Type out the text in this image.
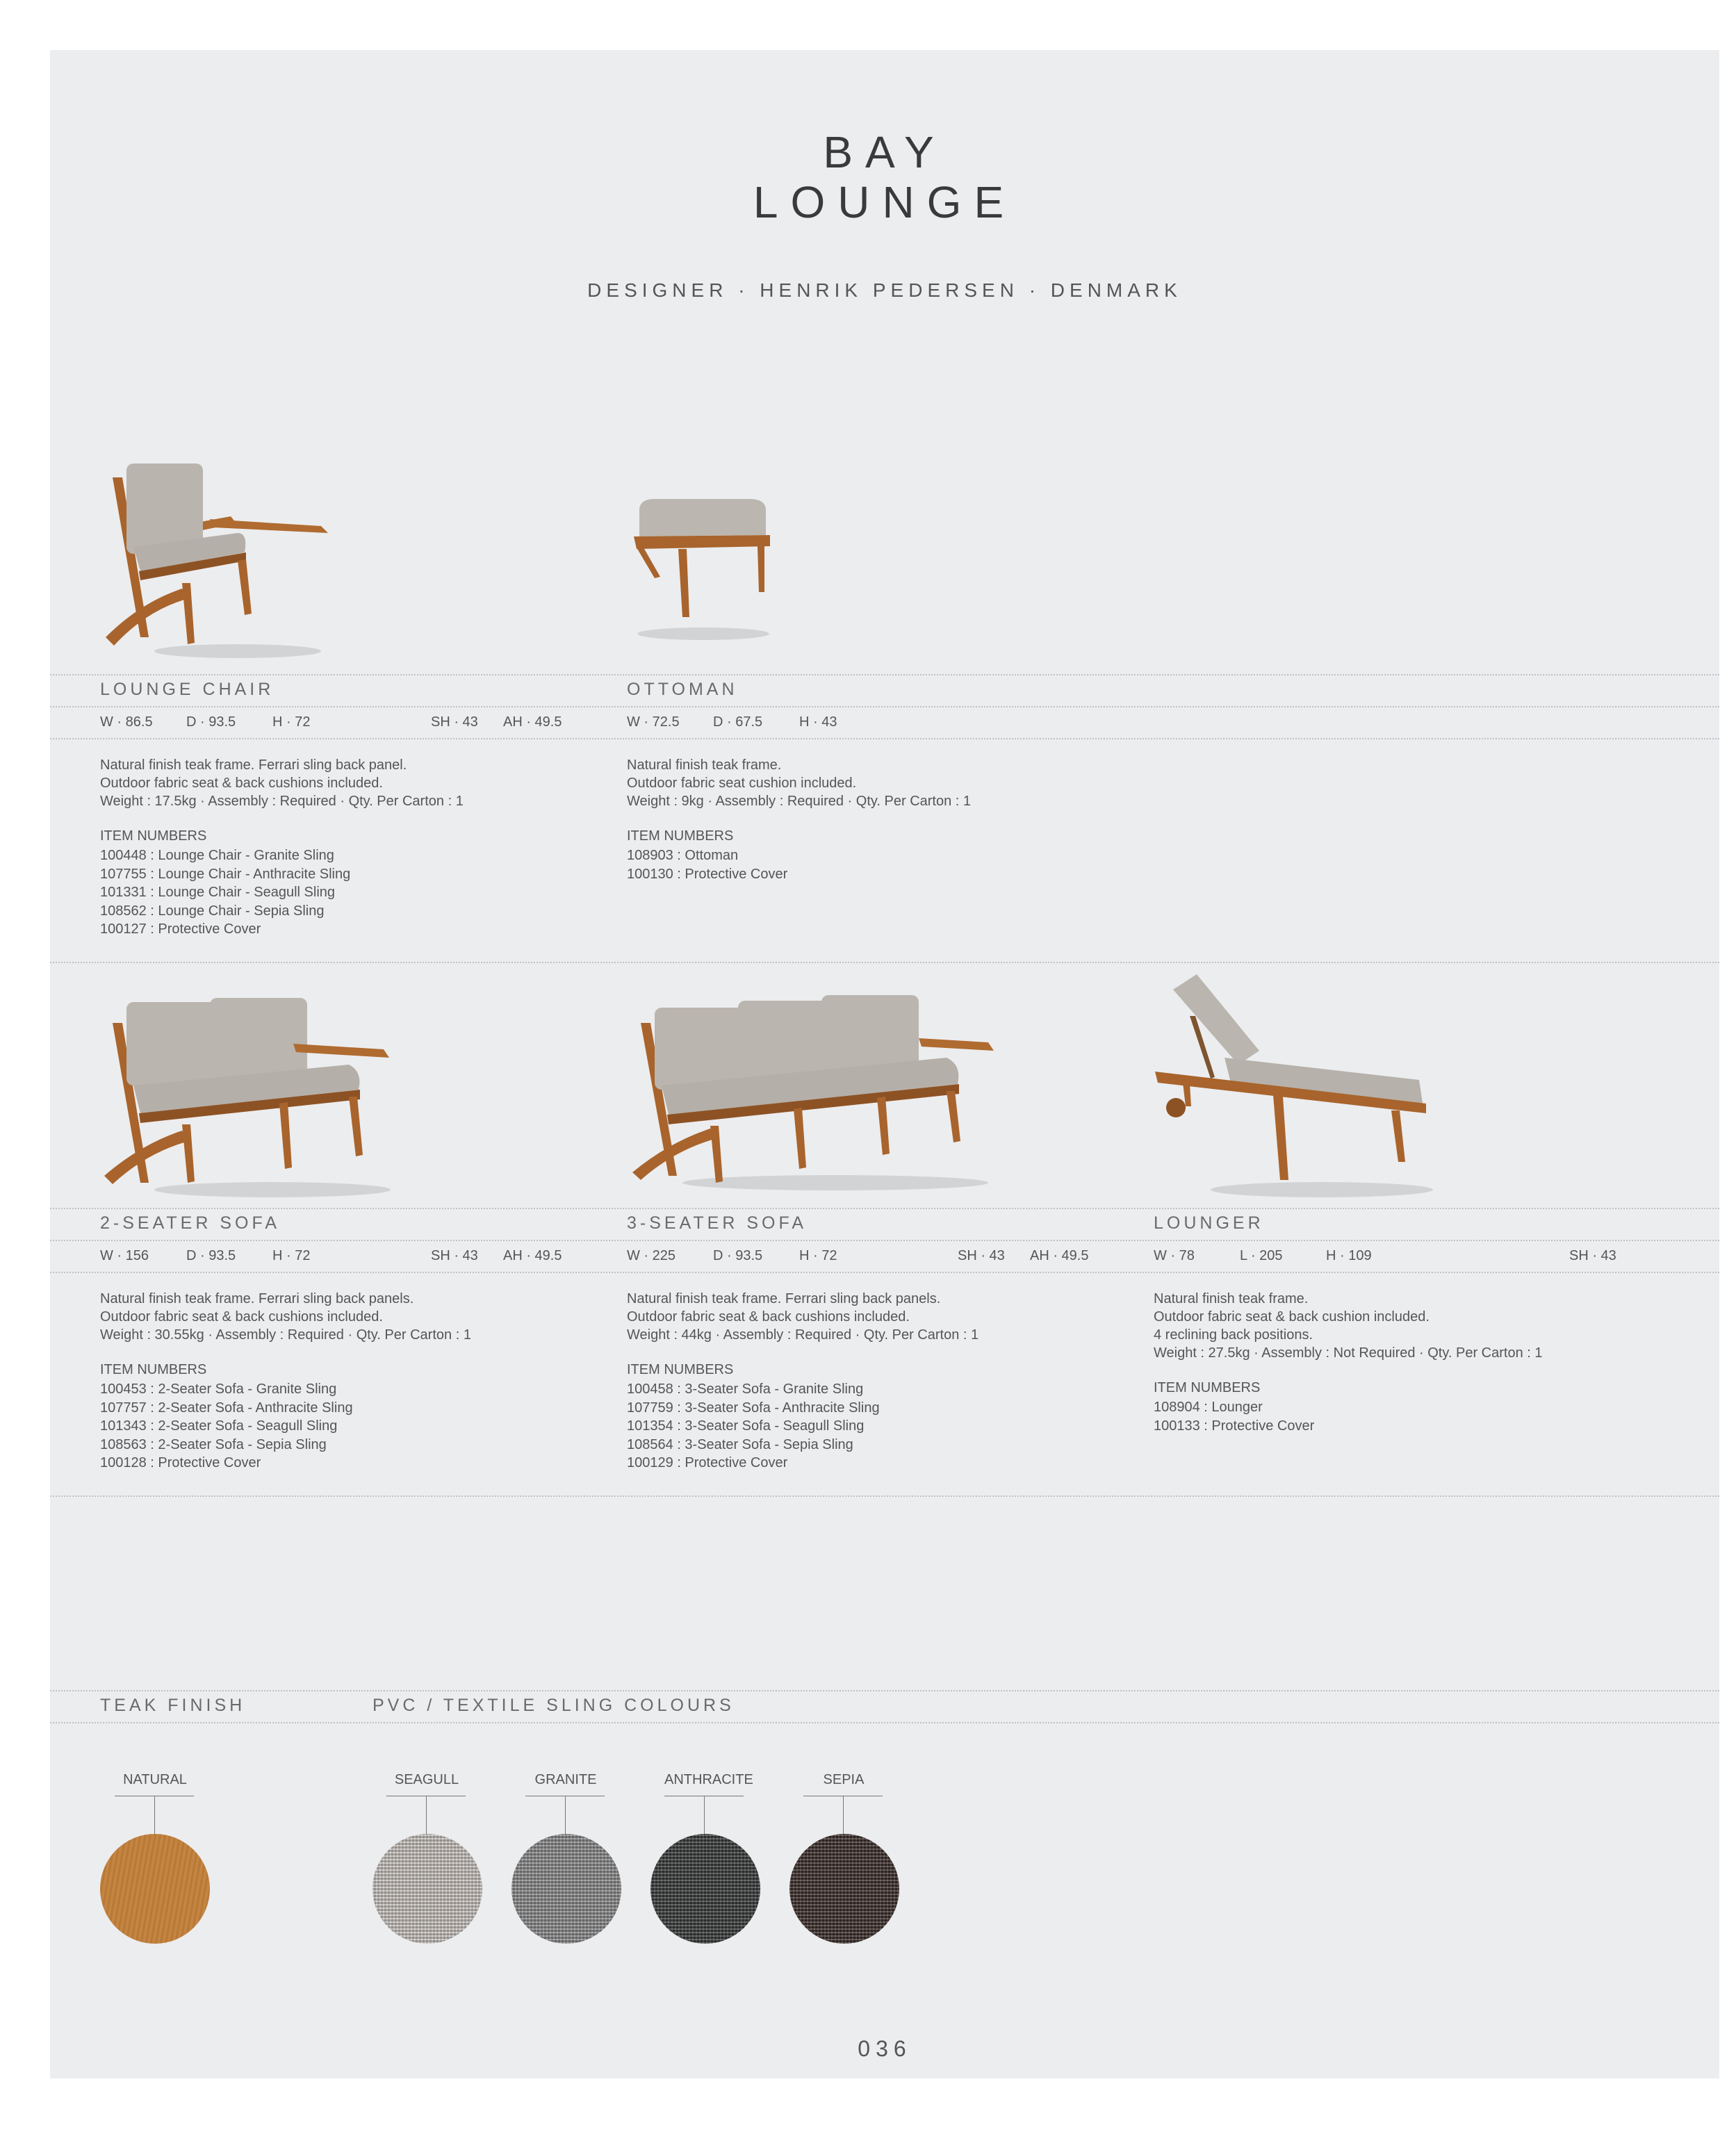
BAY
LOUNGE
DESIGNER · HENRIK PEDERSEN · DENMARK
LOUNGE CHAIR
W · 86.5 D · 93.5	H · 72	SH · 43 AH · 49.5
Natural finish teak frame. Ferrari sling back panel.
Outdoor fabric seat & back cushions included.
Weight : 17.5kg · Assembly : Required · Qty. Per Carton : 1
ITEM NUMBERS
100448 : Lounge Chair - Granite Sling
107755 : Lounge Chair - Anthracite Sling
101331 : Lounge Chair - Seagull Sling
108562 : Lounge Chair - Sepia Sling
100127 : Protective Cover
OTTOMAN
W · 72.5 D · 67.5	H · 43
Natural finish teak frame.
Outdoor fabric seat cushion included.
Weight : 9kg · Assembly : Required · Qty. Per Carton : 1
ITEM NUMBERS
108903 : Ottoman
100130 : Protective Cover
2-SEATER SOFA
W · 156	D · 93.5	H · 72	SH · 43 AH · 49.5
Natural finish teak frame. Ferrari sling back panels.
Outdoor fabric seat & back cushions included.
Weight : 30.55kg · Assembly : Required · Qty. Per Carton : 1
ITEM NUMBERS
100453 : 2-Seater Sofa - Granite Sling
107757 : 2-Seater Sofa - Anthracite Sling
101343 : 2-Seater Sofa - Seagull Sling
108563 : 2-Seater Sofa - Sepia Sling
100128 : Protective Cover
3-SEATER SOFA
W · 225	D · 93.5	H · 72	SH · 43 AH · 49.5
Natural finish teak frame. Ferrari sling back panels.
Outdoor fabric seat & back cushions included.
Weight : 44kg · Assembly : Required · Qty. Per Carton : 1
ITEM NUMBERS
100458 : 3-Seater Sofa - Granite Sling
107759 : 3-Seater Sofa - Anthracite Sling
101354 : 3-Seater Sofa - Seagull Sling
108564 : 3-Seater Sofa - Sepia Sling
100129 : Protective Cover
LOUNGER
W · 78	L · 205	H · 109	SH · 43
Natural finish teak frame.
Outdoor fabric seat & back cushion included.
4 reclining back positions.
Weight : 27.5kg · Assembly : Not Required · Qty. Per Carton : 1
ITEM NUMBERS
108904 : Lounger
100133 : Protective Cover
TEAK FINISH	PVC / TEXTILE SLING COLOURS
NATURAL	SEAGULL	GRANITE	ANTHRACITE	SEPIA
036
